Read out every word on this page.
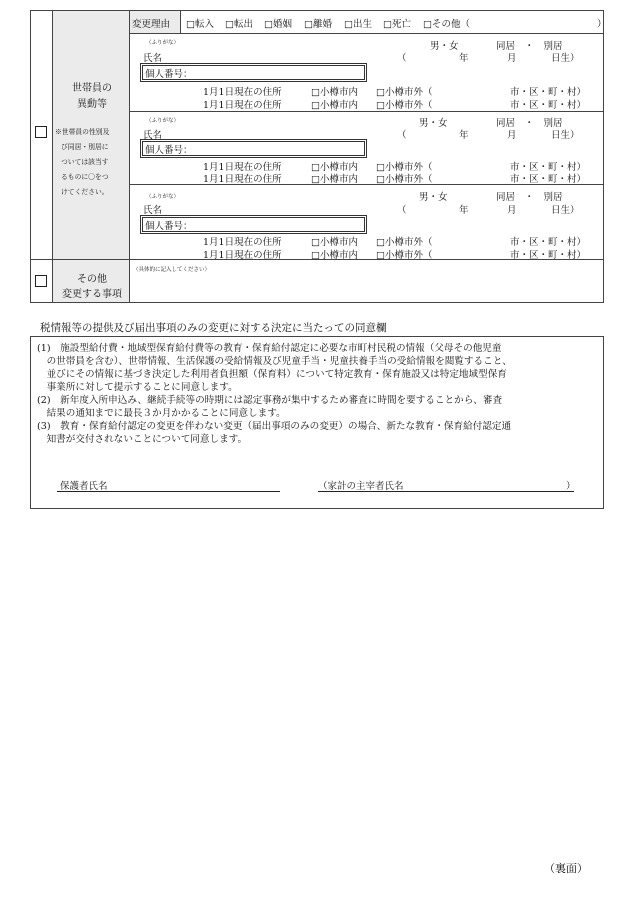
変更理由 □転入 □転出 □婚姻 □離婚 □出生 □死亡 □その他（	）
世帯員の
異動等
※世帯員の性別及
び同居・別居に
ついては該当す
るものに〇をつ
けてください。
（ふりがな）	男・女	同居　・　別居
氏名	（	年	月	日生）
個人番号：
1月1日現在の住所	□小樽市内 □小樽市外（	市・区・町・村）
1月1日現在の住所	□小樽市内 □小樽市外（	市・区・町・村）
（ふりがな）	男・女	同居　・　別居
氏名	（	年	月	日生）
個人番号：
1月1日現在の住所	□小樽市内 □小樽市外（	市・区・町・村）
1月1日現在の住所	□小樽市内 □小樽市外（	市・区・町・村）
（ふりがな）	男・女	同居　・　別居
氏名	（	年	月	日生）
個人番号：
1月1日現在の住所	□小樽市内 □小樽市外（	市・区・町・村）
1月1日現在の住所	□小樽市内 □小樽市外（	市・区・町・村）
その他
変更する事項
（具体的に記入してください）
税情報等の提供及び届出事項のみの変更に対する決定に当たっての同意欄
(1)　施設型給付費・地域型保育給付費等の教育・保育給付認定に必要な市町村民税の情報（父母その他児童
　の世帯員を含む）、世帯情報、生活保護の受給情報及び児童手当・児童扶養手当の受給情報を閲覧すること、
　並びにその情報に基づき決定した利用者負担額（保育料）について特定教育・保育施設又は特定地域型保育
　事業所に対して提示することに同意します。
(2)　新年度入所申込み、継続手続等の時期には認定事務が集中するため審査に時間を要することから、審査
　結果の通知までに最長３か月かかることに同意します。
(3)　教育・保育給付認定の変更を伴わない変更（届出事項のみの変更）の場合、新たな教育・保育給付認定通
　知書が交付されないことについて同意します。
保護者氏名	（家計の主宰者氏名	）
（裏面）
